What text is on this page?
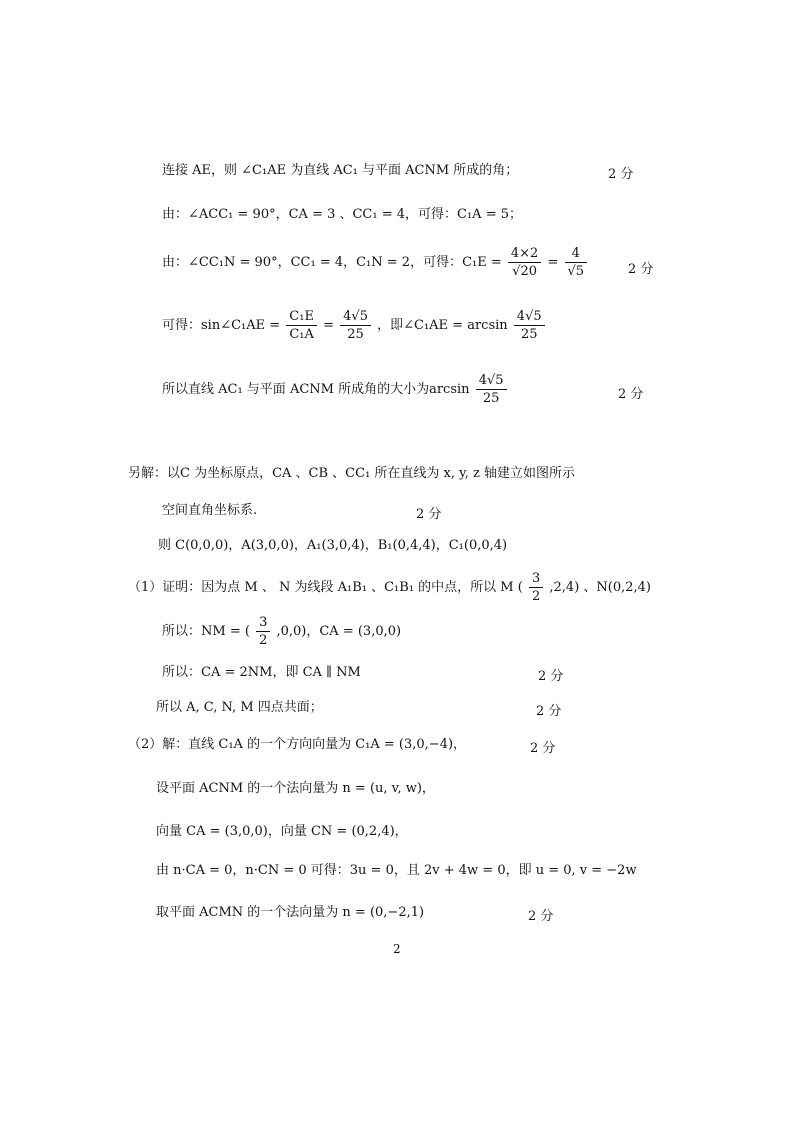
连接 AE，则 ∠C₁AE 为直线 AC₁ 与平面 ACNM 所成的角；	2 分
由：∠ACC₁ = 90°，CA = 3 、CC₁ = 4，可得：C₁A = 5；
由：∠CC₁N = 90°，CC₁ = 4，C₁N = 2，可得：$C_1E = \frac{4\times 2}{√20} = \frac{4}{√5}$	2 分
可得：sin∠C₁AE = $\frac{\text{C₁E}}{\text{C₁A}} = \frac{4√5}{25}$ ，即∠C₁AE = $\arcsin \frac{4√5}{25}$
所以直线 AC₁ 与平面 ACNM 所成角的大小为$\arcsin \frac{4√5}{25}$	2 分
另解：以C 为坐标原点，CA 、CB 、CC₁ 所在直线为 x, y, z 轴建立如图所示
空间直角坐标系.	2 分
则 C(0,0,0)，A(3,0,0)，A₁(3,0,4)，B₁(0,4,4)，C₁(0,0,4)
（1）证明：因为点 M 、 N 为线段 A₁B₁ 、C₁B₁ 的中点，所以 M ( $\frac{3}{2} ,2,4$) 、N(0,2,4)
所以：NM = ( $\frac{3}{2} ,0,0$)，CA = (3,0,0)
所以：CA = 2NM，即 CA ∥ NM	2 分
所以 A, C, N, M 四点共面；	2 分
（2）解：直线 C₁A 的一个方向向量为 C₁A = (3,0,−4)，	2 分
设平面 ACNM 的一个法向量为 n = (u, v, w)，
向量 CA = (3,0,0)，向量 CN = (0,2,4)，
由 n·CA = 0，n·CN = 0 可得：3u = 0，且 2v + 4w = 0，即 u = 0, v = −2w
取平面 ACMN 的一个法向量为 n = (0,−2,1)	2 分
2
